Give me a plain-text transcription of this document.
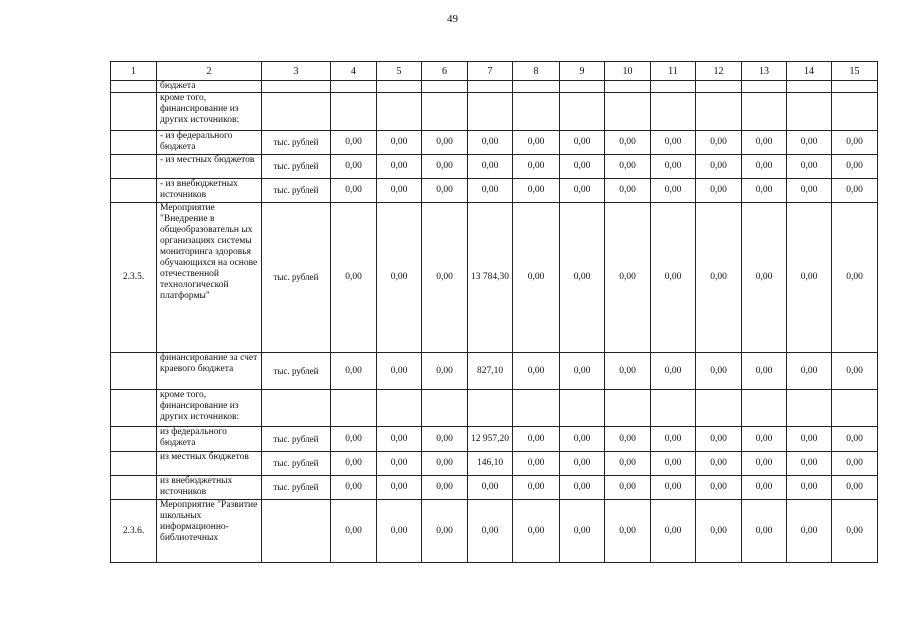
49
1	2	3	4	5	6	7	8	9	10	11	12	13	14	15
	бюджета													
	кроме того, финансирование из других источников:													
	- из федерального бюджета	тыс. рублей	0,00	0,00	0,00	0,00	0,00	0,00	0,00	0,00	0,00	0,00	0,00	0,00
	- из местных бюджетов	тыс. рублей	0,00	0,00	0,00	0,00	0,00	0,00	0,00	0,00	0,00	0,00	0,00	0,00
	- из внебюджетных источников	тыс. рублей	0,00	0,00	0,00	0,00	0,00	0,00	0,00	0,00	0,00	0,00	0,00	0,00
2.3.5.	Мероприятие "Внедрение в общеобразовательн ых организациях системы мониторинга здоровья обучающихся на основе отечественной технологической платформы"	тыс. рублей	0,00	0,00	0,00	13 784,30	0,00	0,00	0,00	0,00	0,00	0,00	0,00	0,00
	финансирование за счет краевого бюджета	тыс. рублей	0,00	0,00	0,00	827,10	0,00	0,00	0,00	0,00	0,00	0,00	0,00	0,00
	кроме того, финансирование из других источников:													
	из федерального бюджета	тыс. рублей	0,00	0,00	0,00	12 957,20	0,00	0,00	0,00	0,00	0,00	0,00	0,00	0,00
	из местных бюджетов	тыс. рублей	0,00	0,00	0,00	146,10	0,00	0,00	0,00	0,00	0,00	0,00	0,00	0,00
	из внебюджетных источников	тыс. рублей	0,00	0,00	0,00	0,00	0,00	0,00	0,00	0,00	0,00	0,00	0,00	0,00
2.3.6.	Мероприятие "Развитие школьных информационно-библиотечных		0,00	0,00	0,00	0,00	0,00	0,00	0,00	0,00	0,00	0,00	0,00	0,00
